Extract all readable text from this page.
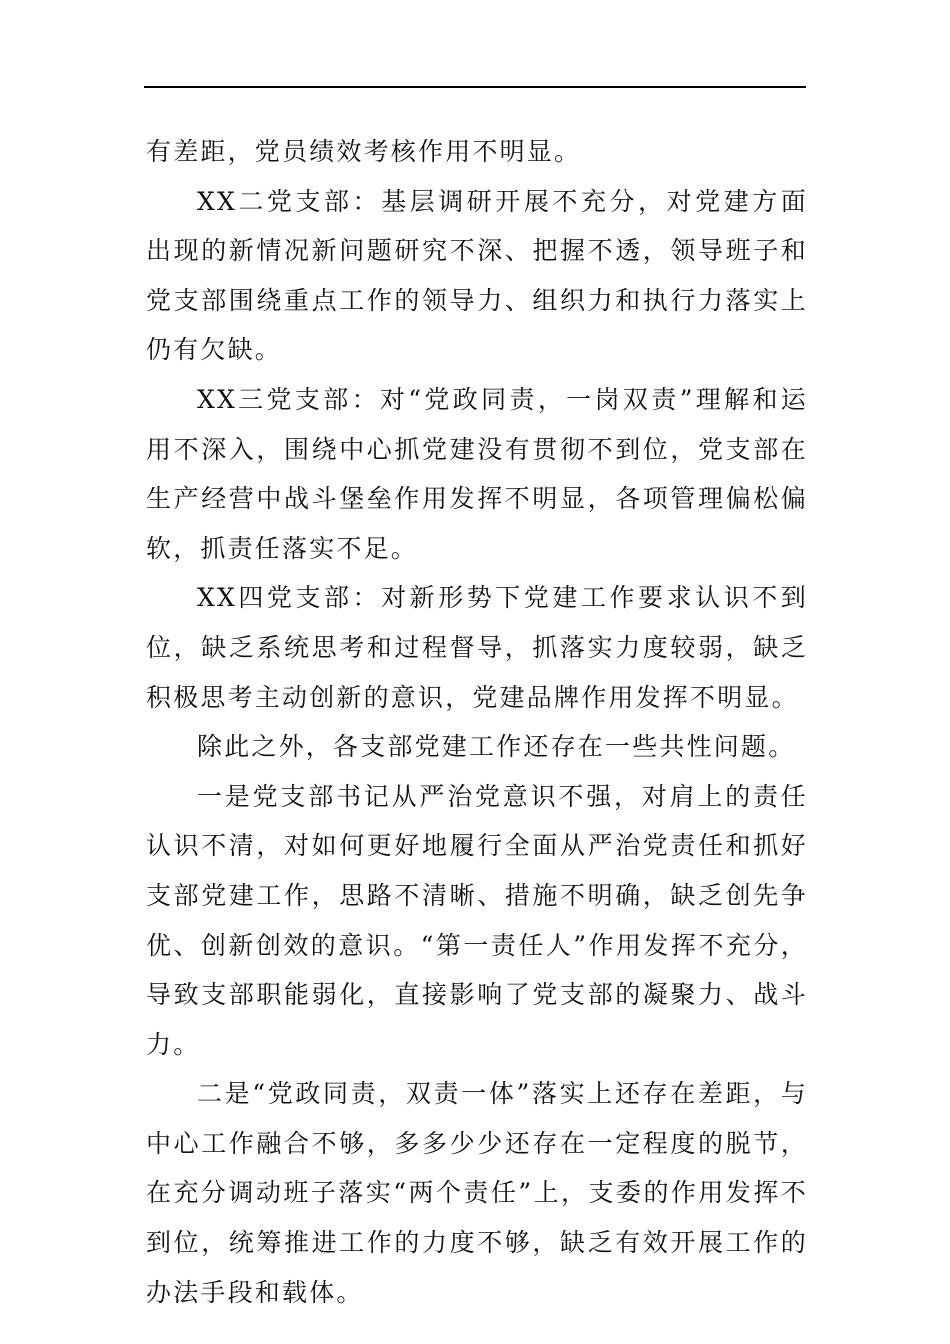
有差距，党员绩效考核作用不明显。

XX二党支部：基层调研开展不充分，对党建方面出现的新情况新问题研究不深、把握不透，领导班子和党支部围绕重点工作的领导力、组织力和执行力落实上仍有欠缺。

XX三党支部：对“党政同责，一岗双责”理解和运用不深入，围绕中心抓党建没有贯彻不到位，党支部在生产经营中战斗堡垒作用发挥不明显，各项管理偏松偏软，抓责任落实不足。

XX四党支部：对新形势下党建工作要求认识不到位，缺乏系统思考和过程督导，抓落实力度较弱，缺乏积极思考主动创新的意识，党建品牌作用发挥不明显。

除此之外，各支部党建工作还存在一些共性问题。

一是党支部书记从严治党意识不强，对肩上的责任认识不清，对如何更好地履行全面从严治党责任和抓好支部党建工作，思路不清晰、措施不明确，缺乏创先争优、创新创效的意识。“第一责任人”作用发挥不充分，导致支部职能弱化，直接影响了党支部的凝聚力、战斗力。

二是“党政同责，双责一体”落实上还存在差距，与中心工作融合不够，多多少少还存在一定程度的脱节，在充分调动班子落实“两个责任”上，支委的作用发挥不到位，统筹推进工作的力度不够，缺乏有效开展工作的办法手段和载体。
